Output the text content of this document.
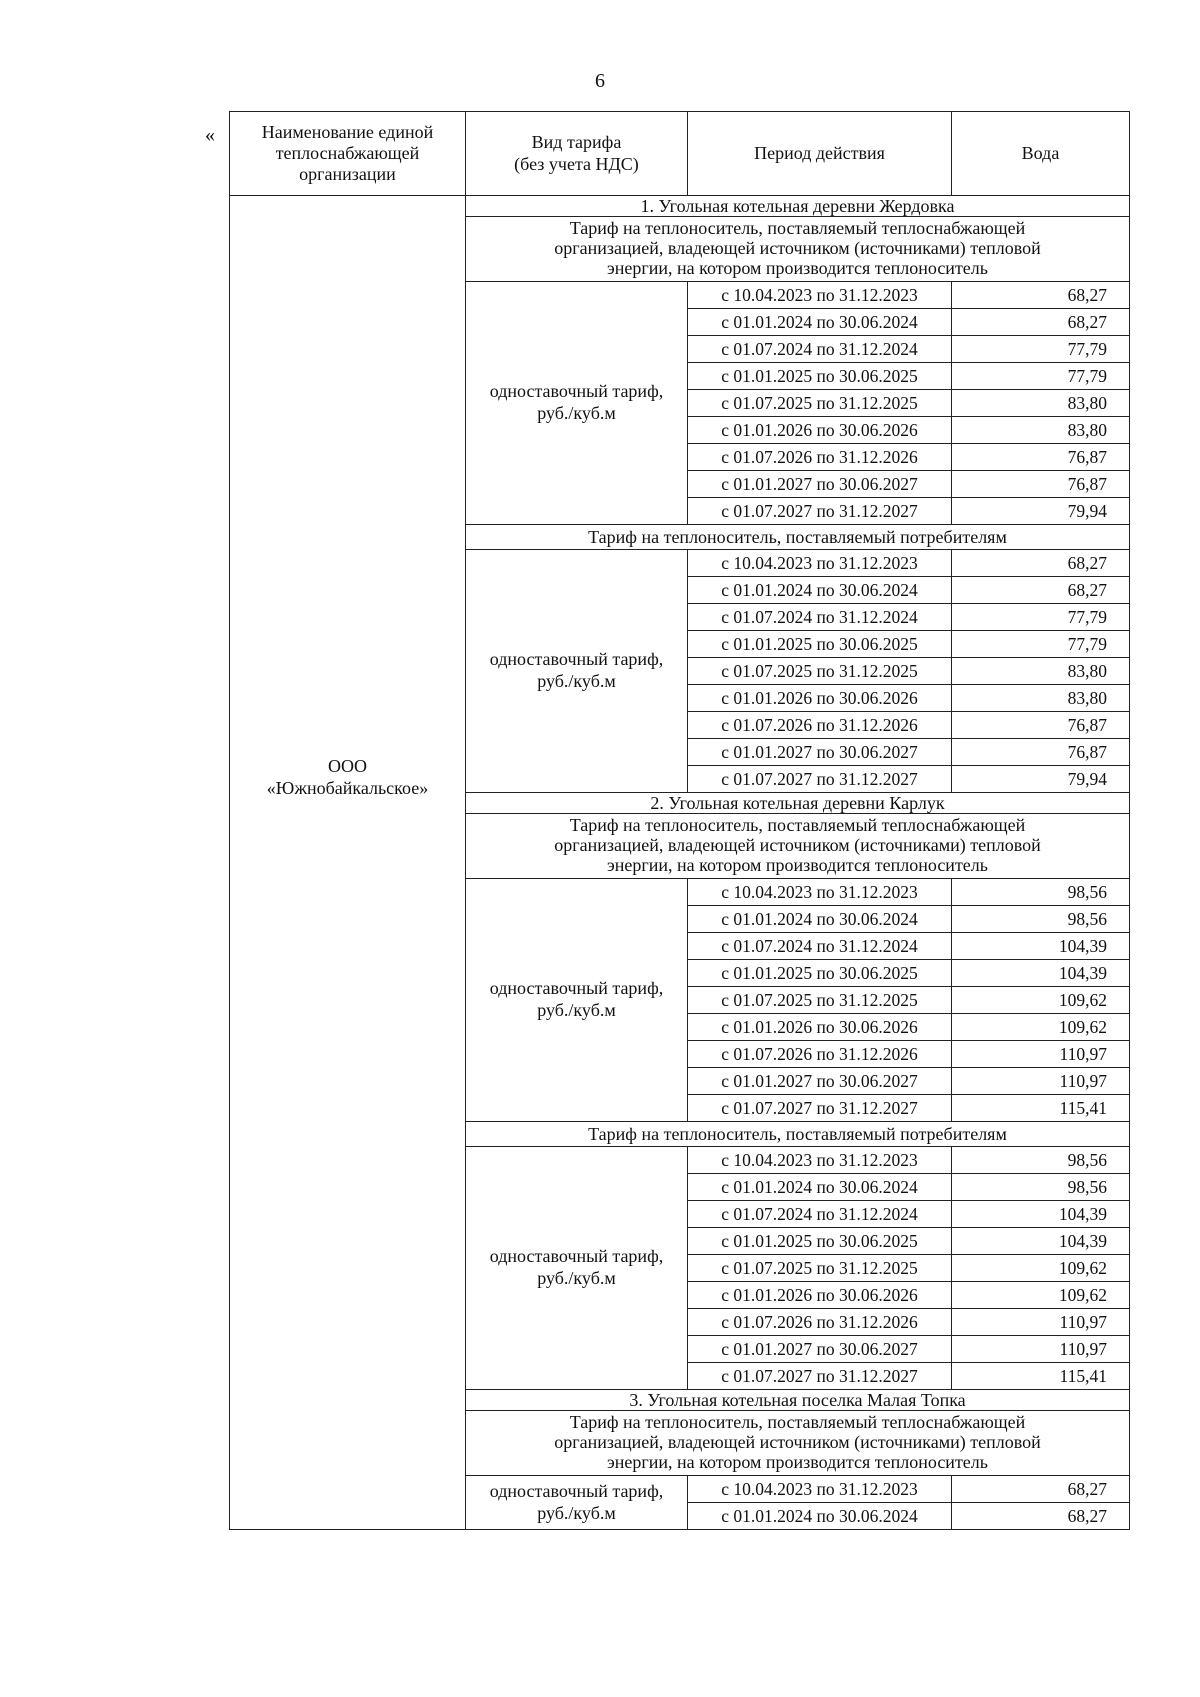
6
«	Наименование единой
теплоснабжающей
организации	Вид тарифа
(без учета НДС)	Период действия	Вода
ООО
«Южнобайкальское»	1. Угольная котельная деревни Жердовка		
	Тариф на теплоноситель, поставляемый теплоснабжающей
организацией, владеющей источником (источниками) тепловой
энергии, на котором производится теплоноситель		
	одноставочный тариф,
руб./куб.м	с 10.04.2023 по 31.12.2023	68,27
		с 01.01.2024 по 30.06.2024	68,27
		с 01.07.2024 по 31.12.2024	77,79
		с 01.01.2025 по 30.06.2025	77,79
		с 01.07.2025 по 31.12.2025	83,80
		с 01.01.2026 по 30.06.2026	83,80
		с 01.07.2026 по 31.12.2026	76,87
		с 01.01.2027 по 30.06.2027	76,87
		с 01.07.2027 по 31.12.2027	79,94
	Тариф на теплоноситель, поставляемый потребителям		
	одноставочный тариф,
руб./куб.м	с 10.04.2023 по 31.12.2023	68,27
		с 01.01.2024 по 30.06.2024	68,27
		с 01.07.2024 по 31.12.2024	77,79
		с 01.01.2025 по 30.06.2025	77,79
		с 01.07.2025 по 31.12.2025	83,80
		с 01.01.2026 по 30.06.2026	83,80
		с 01.07.2026 по 31.12.2026	76,87
		с 01.01.2027 по 30.06.2027	76,87
		с 01.07.2027 по 31.12.2027	79,94
	2. Угольная котельная деревни Карлук		
	Тариф на теплоноситель, поставляемый теплоснабжающей
организацией, владеющей источником (источниками) тепловой
энергии, на котором производится теплоноситель		
	одноставочный тариф,
руб./куб.м	с 10.04.2023 по 31.12.2023	98,56
		с 01.01.2024 по 30.06.2024	98,56
		с 01.07.2024 по 31.12.2024	104,39
		с 01.01.2025 по 30.06.2025	104,39
		с 01.07.2025 по 31.12.2025	109,62
		с 01.01.2026 по 30.06.2026	109,62
		с 01.07.2026 по 31.12.2026	110,97
		с 01.01.2027 по 30.06.2027	110,97
		с 01.07.2027 по 31.12.2027	115,41
	Тариф на теплоноситель, поставляемый потребителям		
	одноставочный тариф,
руб./куб.м	с 10.04.2023 по 31.12.2023	98,56
		с 01.01.2024 по 30.06.2024	98,56
		с 01.07.2024 по 31.12.2024	104,39
		с 01.01.2025 по 30.06.2025	104,39
		с 01.07.2025 по 31.12.2025	109,62
		с 01.01.2026 по 30.06.2026	109,62
		с 01.07.2026 по 31.12.2026	110,97
		с 01.01.2027 по 30.06.2027	110,97
		с 01.07.2027 по 31.12.2027	115,41
	3. Угольная котельная поселка Малая Топка		
	Тариф на теплоноситель, поставляемый теплоснабжающей
организацией, владеющей источником (источниками) тепловой
энергии, на котором производится теплоноситель		
	одноставочный тариф,
руб./куб.м	с 10.04.2023 по 31.12.2023	68,27
		с 01.01.2024 по 30.06.2024	68,27
